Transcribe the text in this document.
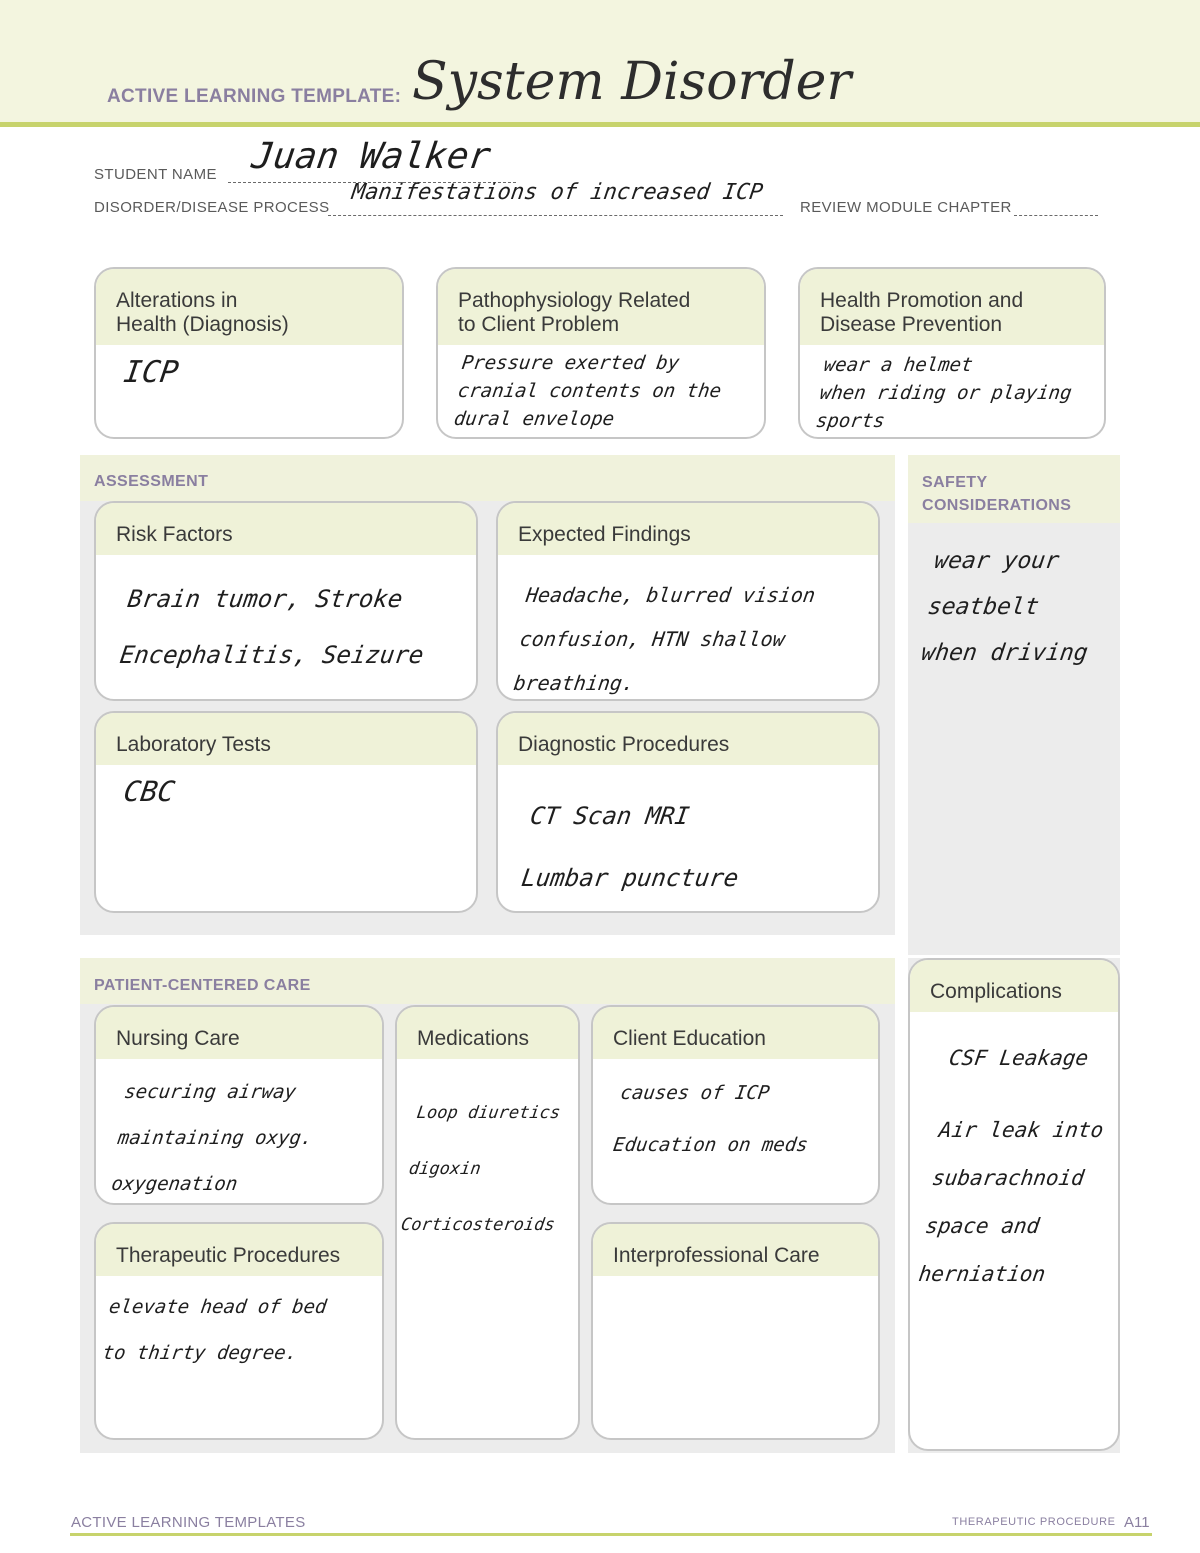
ACTIVE LEARNING TEMPLATE: System Disorder
STUDENT NAME Juan Walker
DISORDER/DISEASE PROCESS
Manifestations of increased ICP
REVIEW MODULE CHAPTER
Alterations in
Health (Diagnosis)
ICP
Pathophysiology Related
to Client Problem
Pressure exerted by
cranial contents on the
dural envelope
Health Promotion and
Disease Prevention
wear a helmet
when riding or playing
sports
ASSESSMENT
Risk Factors
Brain tumor, Stroke
Encephalitis, Seizure
Expected Findings
Headache, blurred vision
confusion, HTN shallow
breathing.
Laboratory Tests
CBC
Diagnostic Procedures
CT Scan MRI
Lumbar puncture
SAFETY
CONSIDERATIONS
wear your
seatbelt
when driving
PATIENT-CENTERED CARE
Nursing Care
securing airway
maintaining oxyg.
oxygenation
Medications
Loop diuretics
digoxin
Corticosteroids
Client Education
causes of ICP
Education on meds
Therapeutic Procedures
elevate head of bed
to thirty degree.
Interprofessional Care
Complications
CSF Leakage
Air leak into
subarachnoid
space and
herniation
ACTIVE LEARNING TEMPLATES	THERAPEUTIC PROCEDURE A11
